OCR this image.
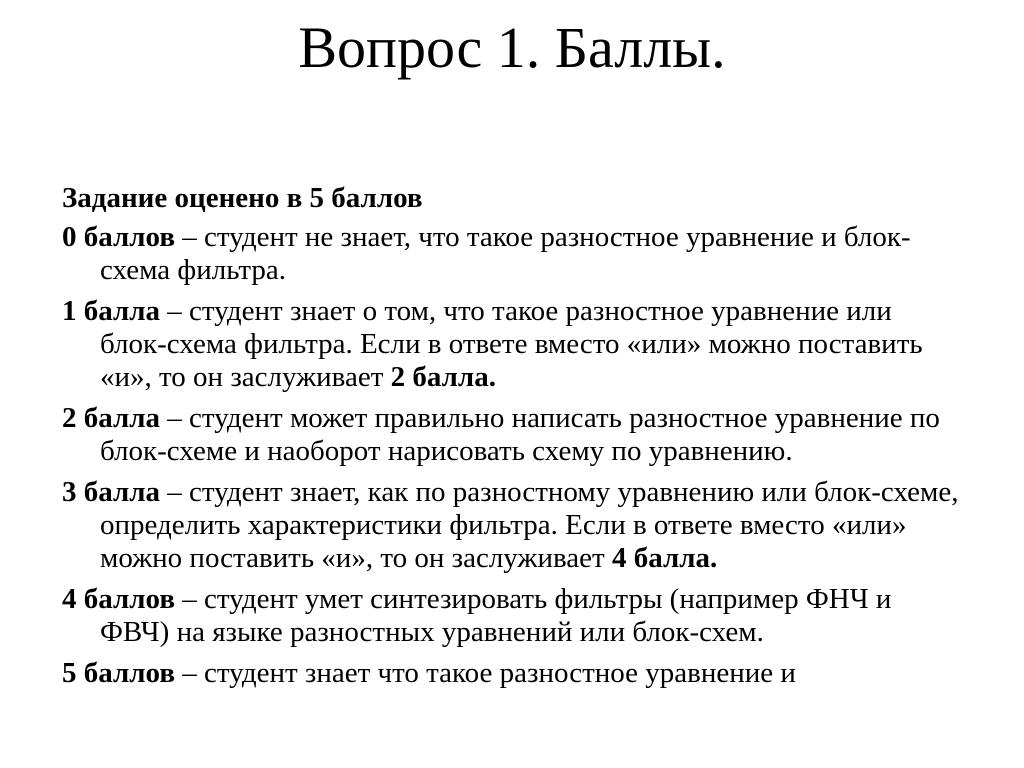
Вопрос 1. Баллы.
Задание оценено в 5 баллов
0 баллов – студент не знает, что такое разностное уравнение и блок-схема фильтра.
1 балла – студент знает о том, что такое разностное уравнение или блок-схема фильтра. Если в ответе вместо «или» можно поставить «и», то он заслуживает 2 балла.
2 балла – студент может правильно написать разностное уравнение по блок-схеме и наоборот нарисовать схему по уравнению.
3 балла – студент знает, как по разностному уравнению или блок-схеме, определить характеристики фильтра. Если в ответе вместо «или» можно поставить «и», то он заслуживает 4 балла.
4 баллов – студент умет синтезировать фильтры (например ФНЧ и ФВЧ) на языке разностных уравнений или блок-схем.
5 баллов – студент знает что такое разностное уравнение и
